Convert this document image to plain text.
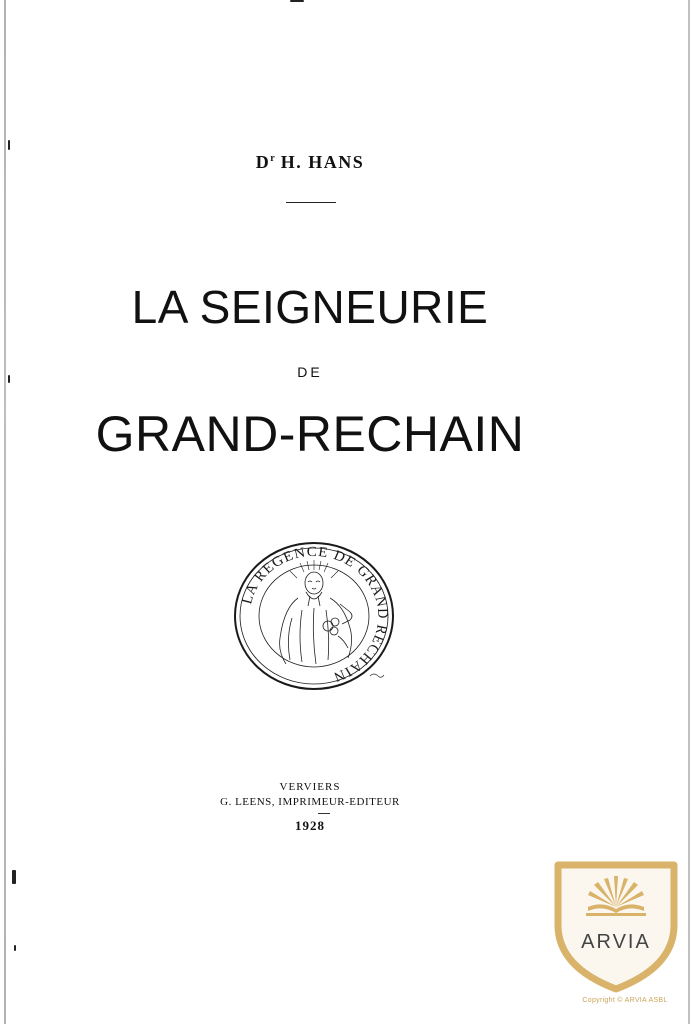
$D^r$ H. HANS
LA SEIGNEURIE
DE
GRAND-RECHAIN
LA REGENCE DE GRAND RECHAIN
VERVIERS
G. LEENS, IMPRIMEUR-EDITEUR
1928
ARVIA
Copyright © ARVIA ASBL
